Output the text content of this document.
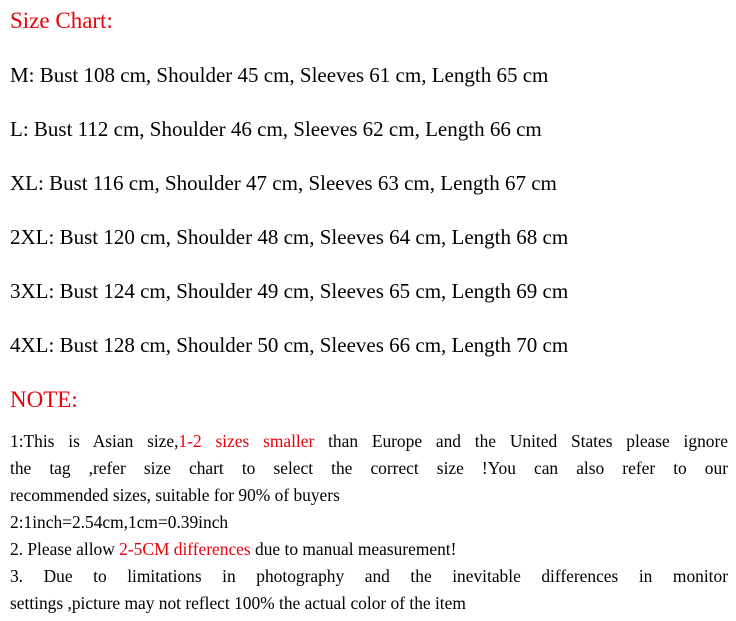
Size Chart:
M: Bust 108 cm, Shoulder 45 cm, Sleeves 61 cm, Length 65 cm
L: Bust 112 cm, Shoulder 46 cm, Sleeves 62 cm, Length 66 cm
XL: Bust 116 cm, Shoulder 47 cm, Sleeves 63 cm, Length 67 cm
2XL: Bust 120 cm, Shoulder 48 cm, Sleeves 64 cm, Length 68 cm
3XL: Bust 124 cm, Shoulder 49 cm, Sleeves 65 cm, Length 69 cm
4XL: Bust 128 cm, Shoulder 50 cm, Sleeves 66 cm, Length 70 cm
NOTE:
1:This is Asian size,1-2 sizes smaller than Europe and the United States please ignore
the tag ,refer size chart to select the correct size !You can also refer to our
recommended sizes, suitable for 90% of buyers
2:1inch=2.54cm,1cm=0.39inch
2. Please allow 2-5CM differences due to manual measurement!
3. Due to limitations in photography and the inevitable differences in monitor
settings ,picture may not reflect 100% the actual color of the item
